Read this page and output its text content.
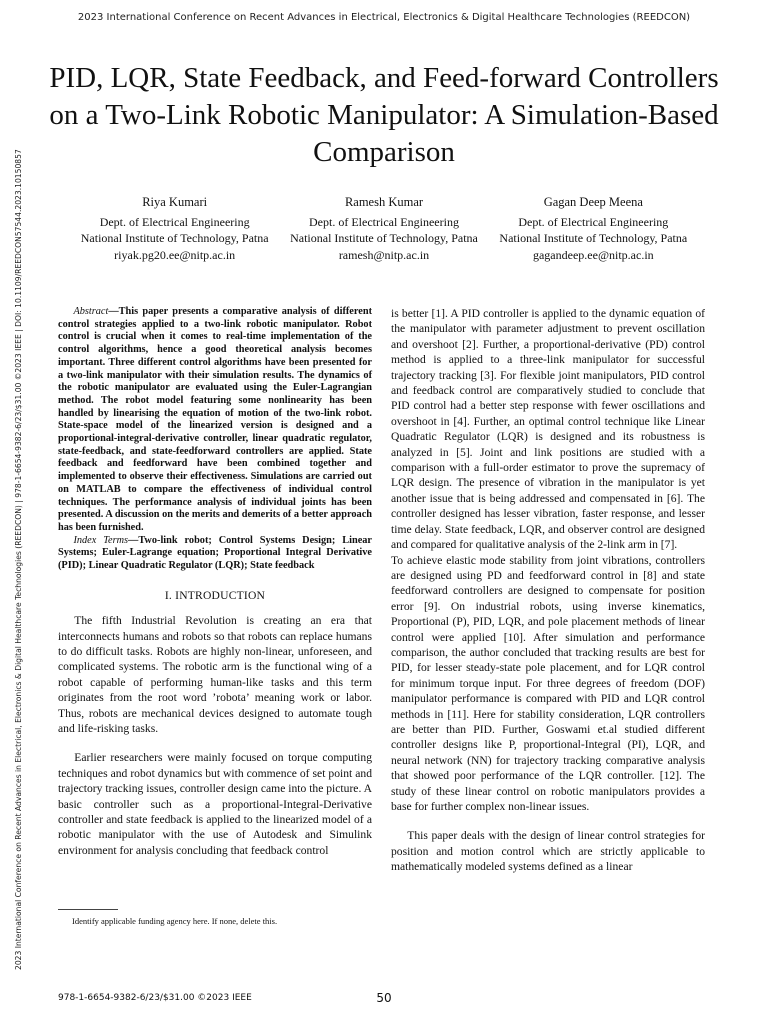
2023 International Conference on Recent Advances in Electrical, Electronics & Digital Healthcare Technologies (REEDCON)
2023 International Conference on Recent Advances in Electrical, Electronics & Digital Healthcare Technologies (REEDCON) | 978-1-6654-9382-6/23/$31.00 ©2023 IEEE | DOI: 10.1109/REEDCON57544.2023.10150857
PID, LQR, State Feedback, and Feed-forward Controllers on a Two-Link Robotic Manipulator: A Simulation-Based Comparison
Riya Kumari
Dept. of Electrical Engineering
National Institute of Technology, Patna
riyak.pg20.ee@nitp.ac.in
Ramesh Kumar
Dept. of Electrical Engineering
National Institute of Technology, Patna
ramesh@nitp.ac.in
Gagan Deep Meena
Dept. of Electrical Engineering
National Institute of Technology, Patna
gagandeep.ee@nitp.ac.in

Abstract—This paper presents a comparative analysis of different control strategies applied to a two-link robotic manipulator. Robot control is crucial when it comes to real-time implementation of the control algorithms, hence a good theoretical analysis becomes important. Three different control algorithms have been presented for a two-link manipulator with their simulation results. The dynamics of the robotic manipulator are evaluated using the Euler-Lagrangian method. The robot model featuring some nonlinearity has been handled by linearising the equation of motion of the two-link robot. State-space model of the linearized version is designed and a proportional-integral-derivative controller, linear quadratic regulator, state-feedback, and state-feedforward controllers are applied. State feedback and feedforward have been combined together and implemented to observe their effectiveness. Simulations are carried out on MATLAB to compare the effectiveness of individual control techniques. The performance analysis of individual joints has been presented. A discussion on the merits and demerits of a better approach has been furnished.

Index Terms—Two-link robot; Control Systems Design; Linear Systems; Euler-Lagrange equation; Proportional Integral Derivative (PID); Linear Quadratic Regulator (LQR); State feedback

I. INTRODUCTION

The fifth Industrial Revolution is creating an era that interconnects humans and robots so that robots can replace humans to do difficult tasks. Robots are highly non-linear, unforeseen, and complicated systems. The robotic arm is the functional wing of a robot capable of performing human-like tasks and this term originates from the root word ’robota’ meaning work or labor. Thus, robots are mechanical devices designed to automate tough and life-risking tasks.

Earlier researchers were mainly focused on torque computing techniques and robot dynamics but with commence of set point and trajectory tracking issues, controller design came into the picture. A basic controller such as a proportional-Integral-Derivative controller and state feedback is applied to the linearized model of a robotic manipulator with the use of Autodesk and Simulink environment for analysis concluding that feedback control

is better [1]. A PID controller is applied to the dynamic equation of the manipulator with parameter adjustment to prevent oscillation and overshoot [2]. Further, a proportional-derivative (PD) control method is applied to a three-link manipulator for successful trajectory tracking [3]. For flexible joint manipulators, PID control and feedback control are comparatively studied to conclude that PID control had a better step response with fewer oscillations and overshoot in [4]. Further, an optimal control technique like Linear Quadratic Regulator (LQR) is designed and its robustness is analyzed in [5]. Joint and link positions are studied with a comparison with a full-order estimator to prove the supremacy of LQR design. The presence of vibration in the manipulator is yet another issue that is being addressed and compensated in [6]. The controller designed has lesser vibration, faster response, and lesser time delay. State feedback, LQR, and observer control are designed and compared for qualitative analysis of the 2-link arm in [7].

To achieve elastic mode stability from joint vibrations, controllers are designed using PD and feedforward control in [8] and state feedforward controllers are designed to compensate for position error [9]. On industrial robots, using inverse kinematics, Proportional (P), PID, LQR, and pole placement methods of linear control were applied [10]. After simulation and performance comparison, the author concluded that tracking results are best for PID, for lesser steady-state pole placement, and for LQR control for minimum torque input. For three degrees of freedom (DOF) manipulator performance is compared with PID and LQR control methods in [11]. Here for stability consideration, LQR controllers are better than PID. Further, Goswami et.al studied different controller designs like P, proportional-Integral (PI), LQR, and neural network (NN) for trajectory tracking comparative analysis that showed poor performance of the LQR controller. [12]. The study of these linear control on robotic manipulators provides a base for further complex non-linear issues.

This paper deals with the design of linear control strategies for position and motion control which are strictly applicable to mathematically modeled systems defined as a linear

Identify applicable funding agency here. If none, delete this.
978-1-6654-9382-6/23/$31.00 ©2023 IEEE	50
